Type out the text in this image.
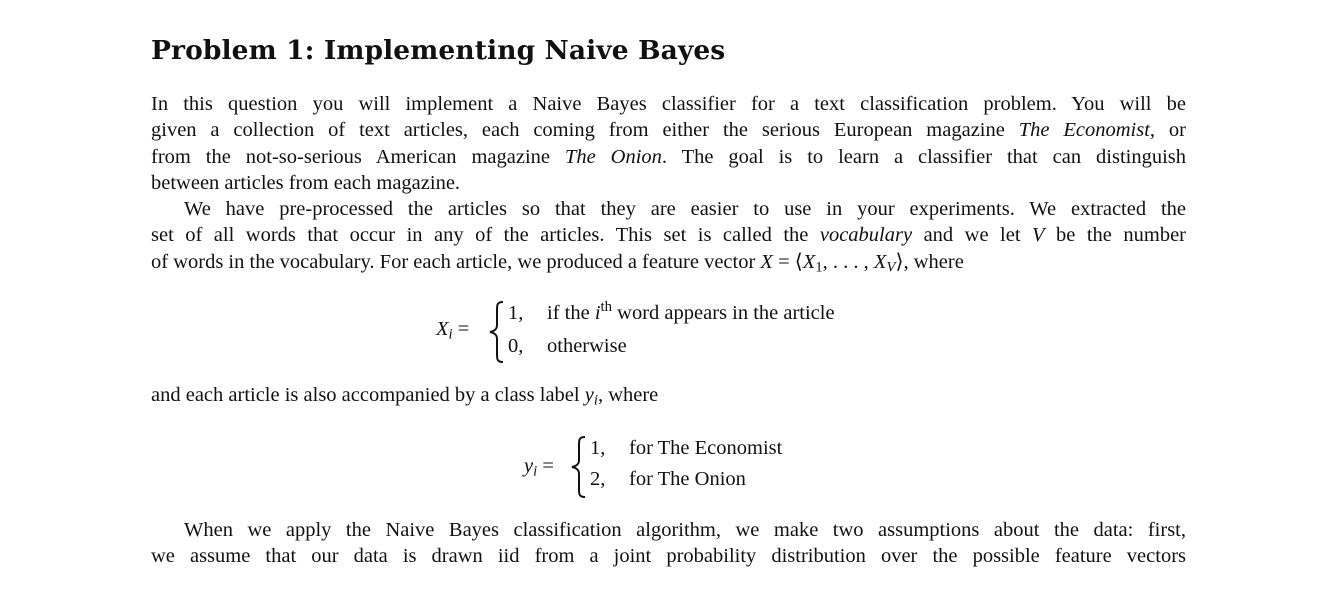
Problem 1: Implementing Naive Bayes

In this question you will implement a Naive Bayes classifier for a text classification problem. You will be
given a collection of text articles, each coming from either the serious European magazine The Economist, or
from the not-so-serious American magazine The Onion. The goal is to learn a classifier that can distinguish
between articles from each magazine.

We have pre-processed the articles so that they are easier to use in your experiments. We extracted the
set of all words that occur in any of the articles. This set is called the vocabulary and we let V be the number
of words in the vocabulary. For each article, we produced a feature vector $X = ⟨X_1$, . . . , $X_V⟩$, where

$X_i$ =
1, if the $i^{th}$ word appears in the article
0, otherwise
and each article is also accompanied by a class label $y_i$, where
$y_i$ =
1, for The Economist
2, for The Onion

When we apply the Naive Bayes classification algorithm, we make two assumptions about the data: first,
we assume that our data is drawn iid from a joint probability distribution over the possible feature vectors
